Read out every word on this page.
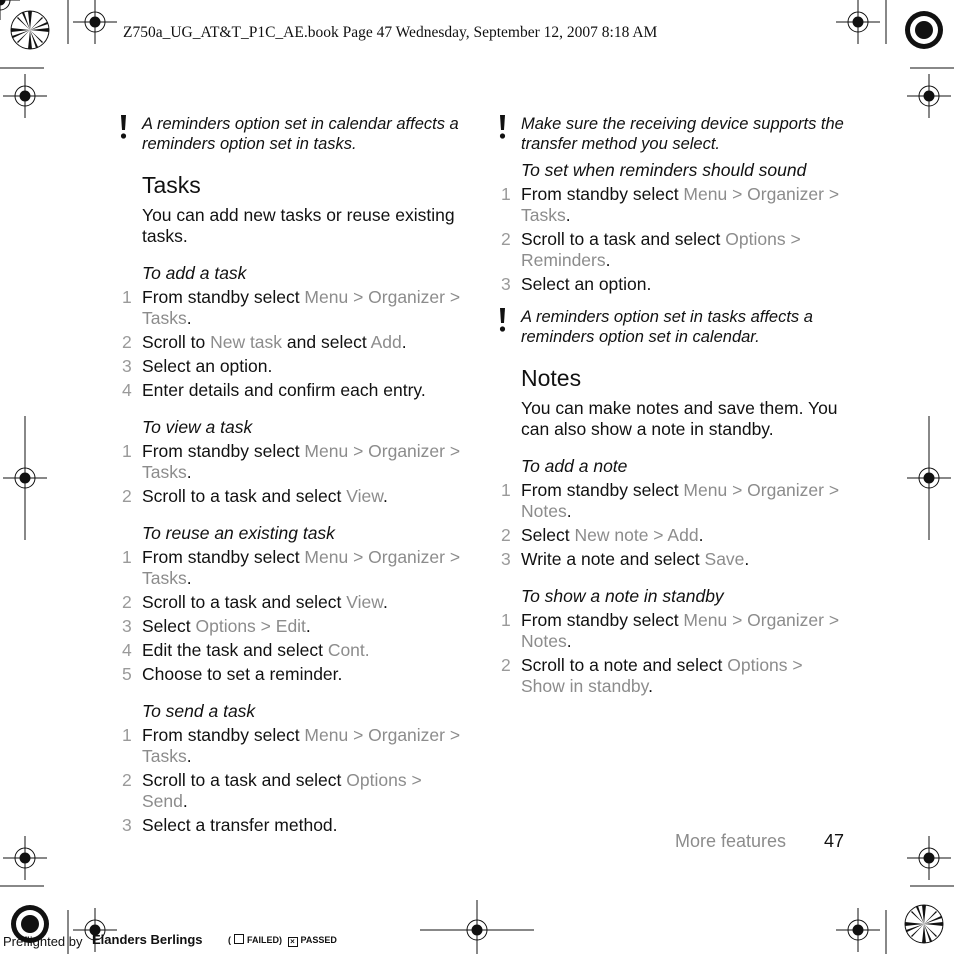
Z750a_UG_AT&T_P1C_AE.book Page 47 Wednesday, September 12, 2007 8:18 AM
A reminders option set in calendar affects a reminders option set in tasks.
Tasks
You can add new tasks or reuse existing tasks.
To add a task
1 From standby select Menu > Organizer > Tasks.
2 Scroll to New task and select Add.
3 Select an option.
4 Enter details and confirm each entry.
To view a task
1 From standby select Menu > Organizer > Tasks.
2 Scroll to a task and select View.
To reuse an existing task
1 From standby select Menu > Organizer > Tasks.
2 Scroll to a task and select View.
3 Select Options > Edit.
4 Edit the task and select Cont.
5 Choose to set a reminder.
To send a task
1 From standby select Menu > Organizer > Tasks.
2 Scroll to a task and select Options > Send.
3 Select a transfer method.
Make sure the receiving device supports the transfer method you select.
To set when reminders should sound
1 From standby select Menu > Organizer > Tasks.
2 Scroll to a task and select Options > Reminders.
3 Select an option.
A reminders option set in tasks affects a reminders option set in calendar.
Notes
You can make notes and save them. You can also show a note in standby.
To add a note
1 From standby select Menu > Organizer > Notes.
2 Select New note > Add.
3 Write a note and select Save.
To show a note in standby
1 From standby select Menu > Organizer > Notes.
2 Scroll to a note and select Options > Show in standby.
More features 47
Preflighted by Elanders Berlings	( FAILED) × PASSED
